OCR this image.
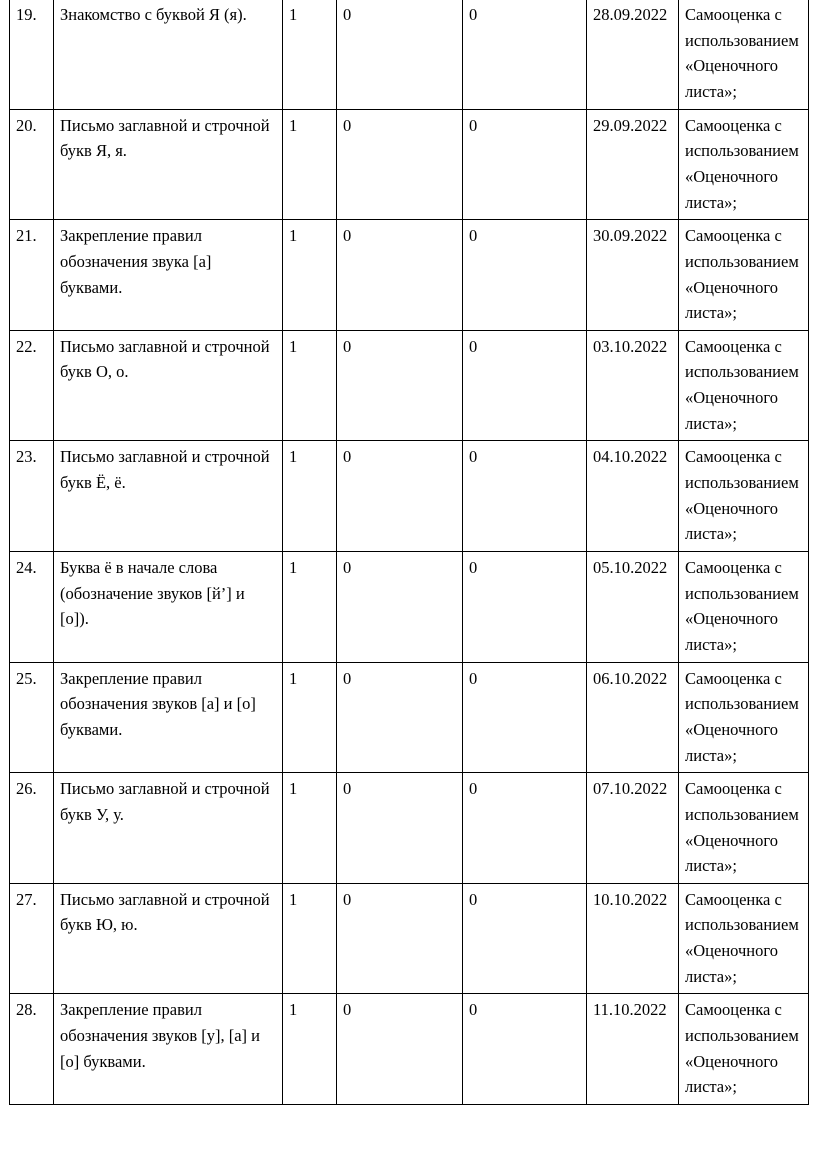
19.	Знакомство с буквой Я (я).	1	0	0	28.09.2022	Самооценка с использованием «Оценочного листа»;
20.	Письмо заглавной и строчной букв Я, я.	1	0	0	29.09.2022	Самооценка с использованием «Оценочного листа»;
21.	Закрепление правил обозначения звука [а] буквами.	1	0	0	30.09.2022	Самооценка с использованием «Оценочного листа»;
22.	Письмо заглавной и строчной букв О, о.	1	0	0	03.10.2022	Самооценка с использованием «Оценочного листа»;
23.	Письмо заглавной и строчной букв Ё, ё.	1	0	0	04.10.2022	Самооценка с использованием «Оценочного листа»;
24.	Буква ё в начале слова (обозначение звуков [й’] и [о]).	1	0	0	05.10.2022	Самооценка с использованием «Оценочного листа»;
25.	Закрепление правил обозначения звуков [а] и [о] буквами.	1	0	0	06.10.2022	Самооценка с использованием «Оценочного листа»;
26.	Письмо заглавной и строчной букв У, у.	1	0	0	07.10.2022	Самооценка с использованием «Оценочного листа»;
27.	Письмо заглавной и строчной букв Ю, ю.	1	0	0	10.10.2022	Самооценка с использованием «Оценочного листа»;
28.	Закрепление правил обозначения звуков [у], [а] и [о] буквами.	1	0	0	11.10.2022	Самооценка с использованием «Оценочного листа»;
